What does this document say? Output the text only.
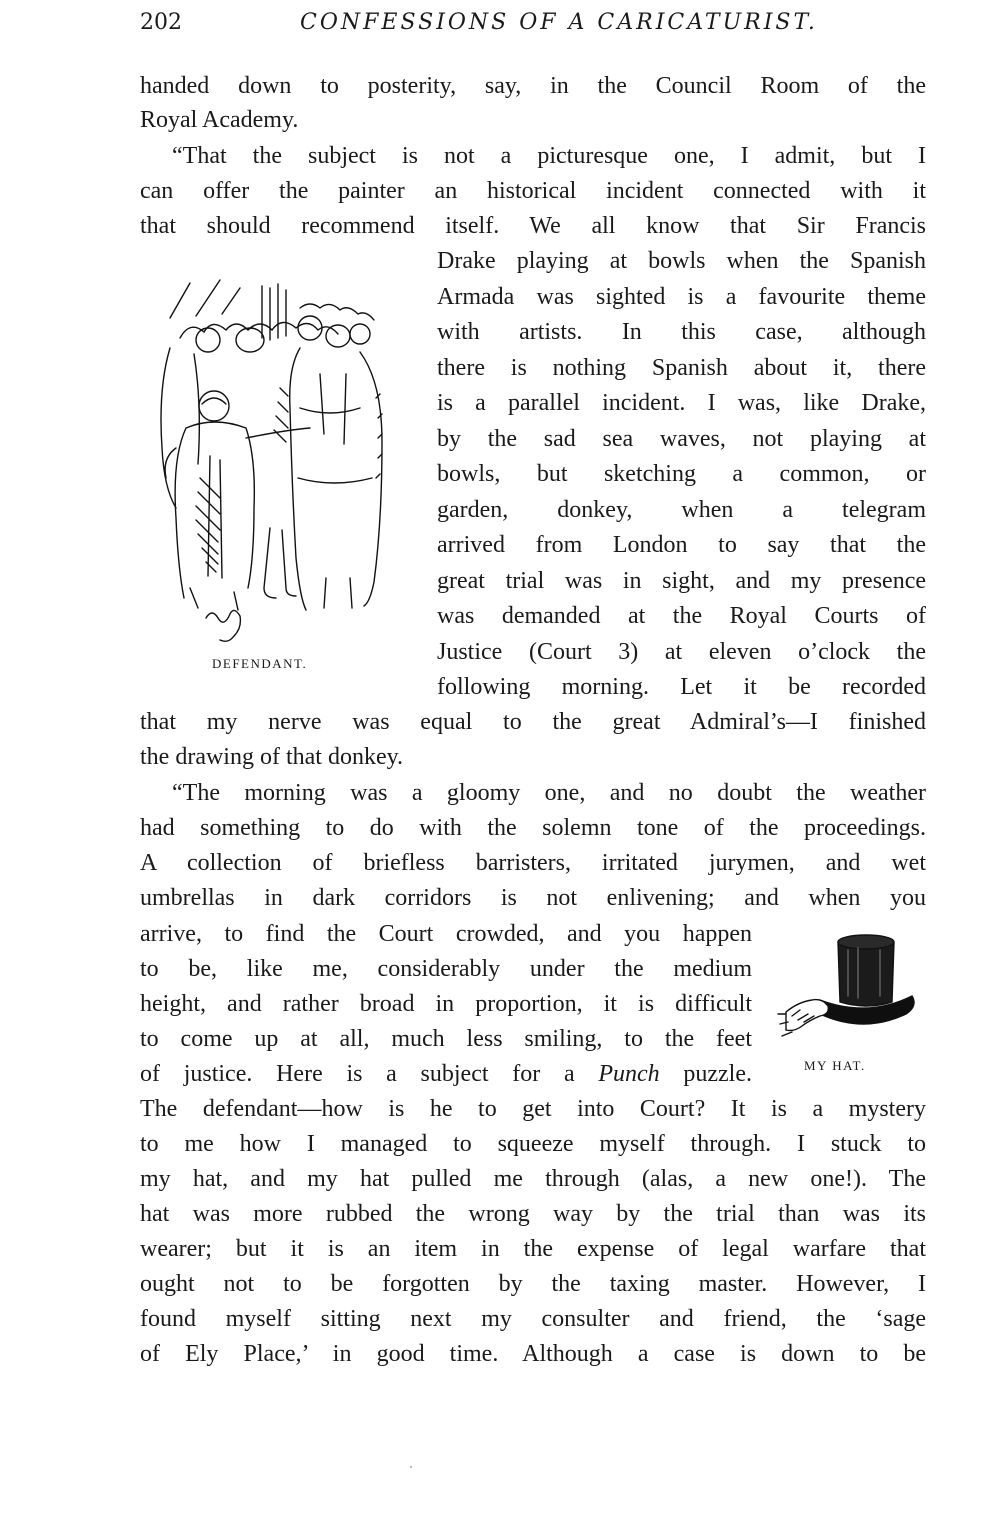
202	CONFESSIONS OF A CARICATURIST.
handed down to posterity, say, in the Council Room of the
Royal Academy.
“That the subject is not a picturesque one, I admit, but I
can offer the painter an historical incident connected with it
that should recommend itself. We all know that Sir Francis
Drake playing at bowls when the Spanish
Armada was sighted is a favourite theme
with artists. In this case, although
there is nothing Spanish about it, there
is a parallel incident. I was, like Drake,
by the sad sea waves, not playing at
bowls, but sketching a common, or
garden, donkey, when a telegram
arrived from London to say that the
great trial was in sight, and my presence
was demanded at the Royal Courts of
Justice (Court 3) at eleven o’clock the
following morning. Let it be recorded
that my nerve was equal to the great Admiral’s—I finished
the drawing of that donkey.
“The morning was a gloomy one, and no doubt the weather
had something to do with the solemn tone of the proceedings.
A collection of briefless barristers, irritated jurymen, and wet
umbrellas in dark corridors is not enlivening; and when you
arrive, to find the Court crowded, and you happen
to be, like me, considerably under the medium
height, and rather broad in proportion, it is difficult
to come up at all, much less smiling, to the feet
of justice. Here is a subject for a Punch puzzle.
The defendant—how is he to get into Court? It is a mystery
to me how I managed to squeeze myself through. I stuck to
my hat, and my hat pulled me through (alas, a new one!). The
hat was more rubbed the wrong way by the trial than was its
wearer; but it is an item in the expense of legal warfare that
ought not to be forgotten by the taxing master. However, I
found myself sitting next my consulter and friend, the ‘sage
of Ely Place,’ in good time. Although a case is down to be
DEFENDANT.
MY HAT.
